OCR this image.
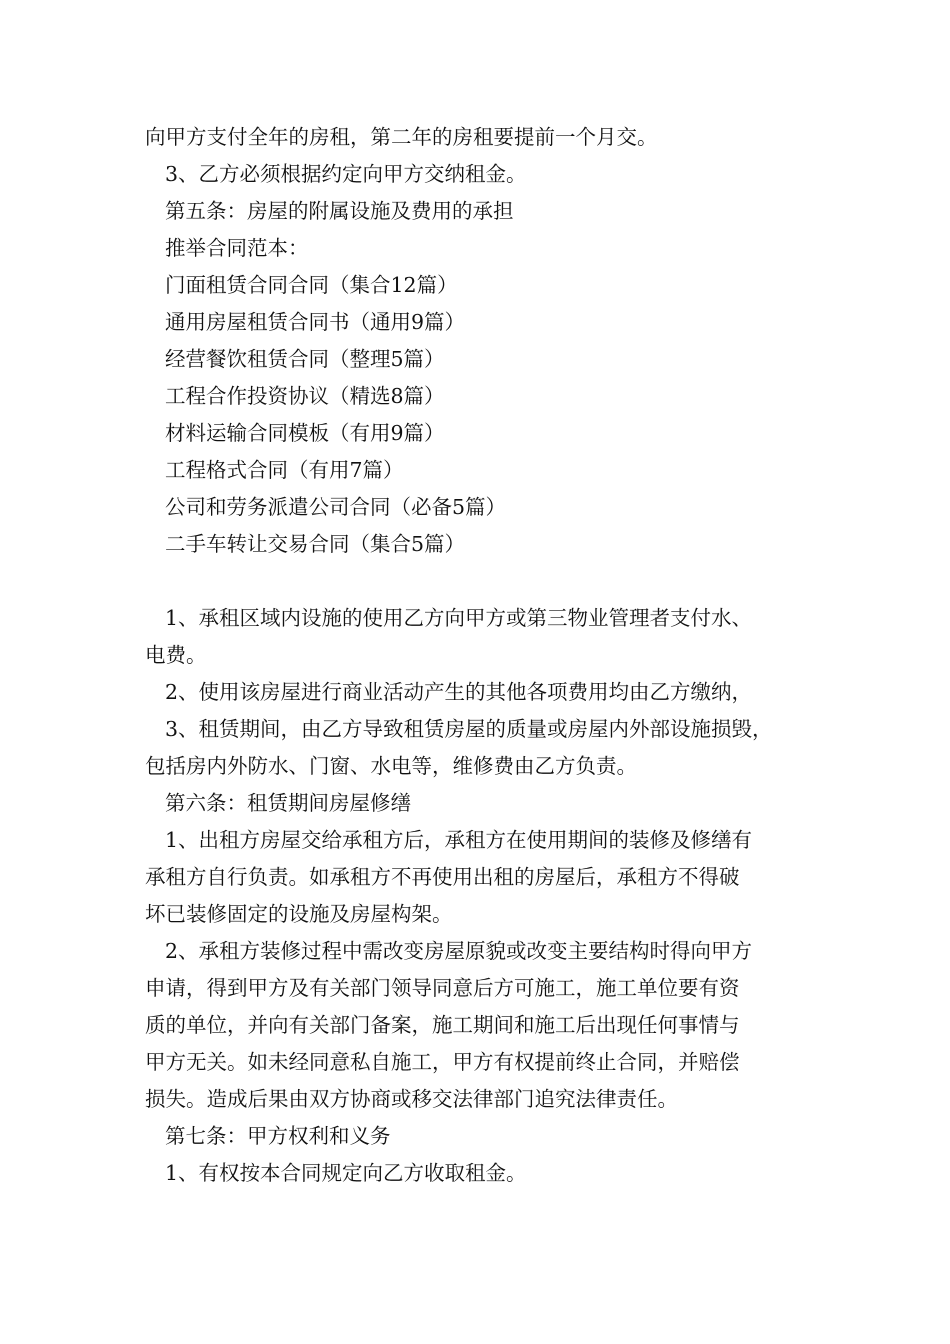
向甲方支付全年的房租，第二年的房租要提前一个月交。
3、乙方必须根据约定向甲方交纳租金。
第五条：房屋的附属设施及费用的承担
推举合同范本：
门面租赁合同合同（集合12篇）
通用房屋租赁合同书（通用9篇）
经营餐饮租赁合同（整理5篇）
工程合作投资协议（精选8篇）
材料运输合同模板（有用9篇）
工程格式合同（有用7篇）
公司和劳务派遣公司合同（必备5篇）
二手车转让交易合同（集合5篇）
1、承租区域内设施的使用乙方向甲方或第三物业管理者支付水、
电费。
2、使用该房屋进行商业活动产生的其他各项费用均由乙方缴纳，
3、租赁期间，由乙方导致租赁房屋的质量或房屋内外部设施损毁，
包括房内外防水、门窗、水电等，维修费由乙方负责。
第六条：租赁期间房屋修缮
1、出租方房屋交给承租方后，承租方在使用期间的装修及修缮有
承租方自行负责。如承租方不再使用出租的房屋后，承租方不得破
坏已装修固定的设施及房屋构架。
2、承租方装修过程中需改变房屋原貌或改变主要结构时得向甲方
申请，得到甲方及有关部门领导同意后方可施工，施工单位要有资
质的单位，并向有关部门备案，施工期间和施工后出现任何事情与
甲方无关。如未经同意私自施工，甲方有权提前终止合同，并赔偿
损失。造成后果由双方协商或移交法律部门追究法律责任。
第七条：甲方权利和义务
1、有权按本合同规定向乙方收取租金。
